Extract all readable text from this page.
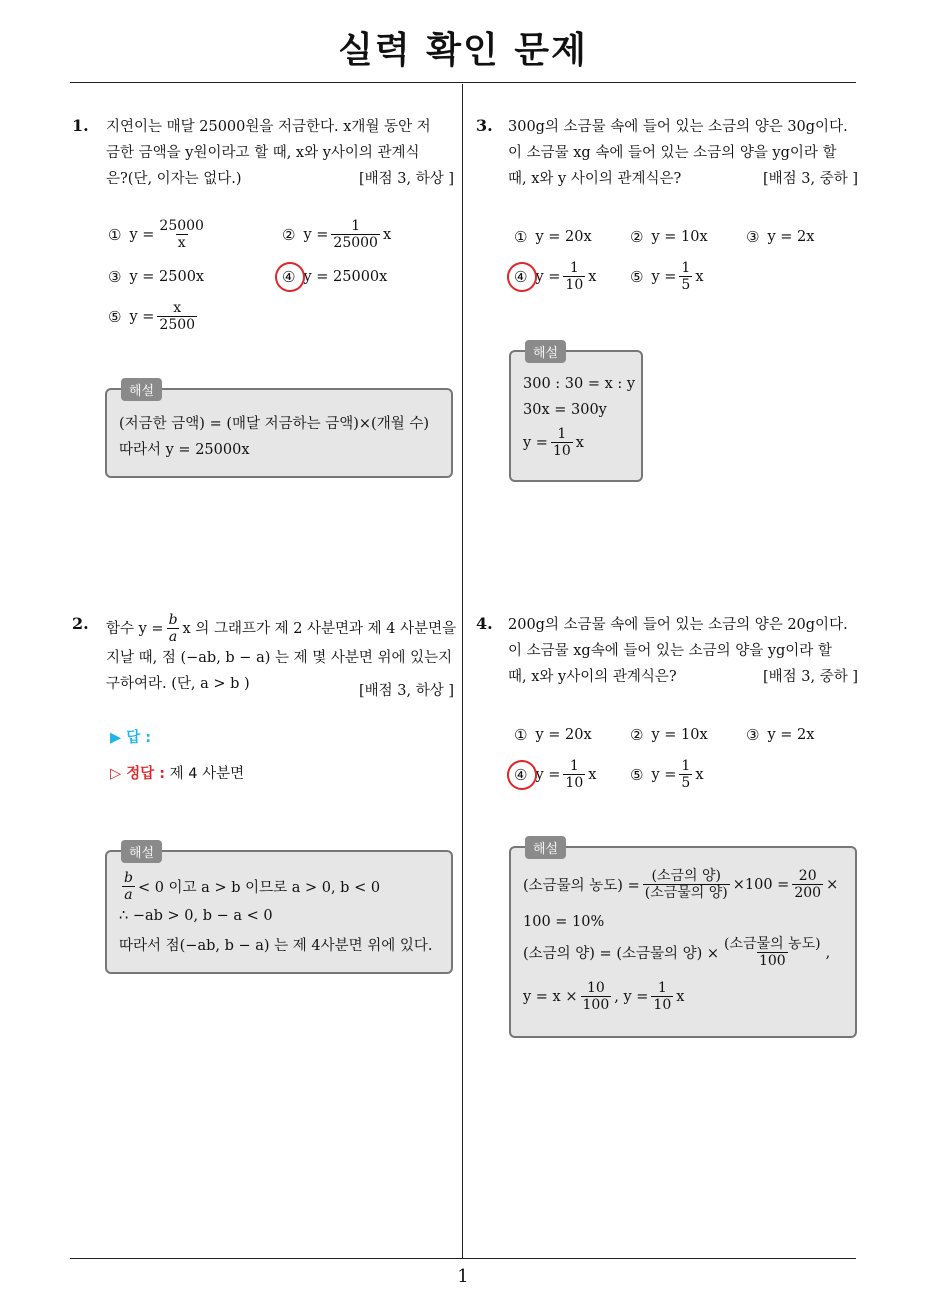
실력 확인 문제
1
1. 지연이는 매달 25000원을 저금한다. x개월 동안 저

금한 금액을 y원이라고 할 때, x와 y사이의 관계식

은?(단, 이자는 없다.)	[배점 3, 하상 ]
① $y = \frac{25000}{x}$	② $y = \frac{1}{25000}$ x
③ y = 2500x	④ y = 25000x
⑤ $y = \frac{x}{2500}$
해설
(저금한 금액) = (매달 저금하는 금액)×(개월 수)
따라서 y = 25000x
2. 함수 $y = \frac{b}{a}$ x 의 그래프가 제 2 사분면과 제 4 사분면을

지날 때, 점 (−ab, b − a) 는 제 몇 사분면 위에 있는지

구하여라. (단, a > b )	[배점 3, 하상 ]
▶ 답 :
▷ 정답 : 제 4 사분면
해설
$\frac{b}{a} < 0$ 이고 a > b 이므로 a > 0, b < 0
∴ −ab > 0, b − a < 0
따라서 점(−ab, b − a) 는 제 4사분면 위에 있다.
3. 300g의 소금물 속에 들어 있는 소금의 양은 30g이다.

이 소금물 xg 속에 들어 있는 소금의 양을 yg이라 할

때, x와 y 사이의 관계식은?	[배점 3, 중하 ]
① y = 20x	② y = 10x	③ y = 2x
④ $y = \frac{1}{10}$ x ⑤ $y = \frac{1}{5}$ x
해설
300 : 30 = x : y
30x = 300y
$y = \frac{1}{10}$ x
4. 200g의 소금물 속에 들어 있는 소금의 양은 20g이다.

이 소금물 xg속에 들어 있는 소금의 양을 yg이라 할

때, x와 y사이의 관계식은?	[배점 3, 중하 ]
① y = 20x	② y = 10x	③ y = 2x
④ $y = \frac{1}{10}$ x ⑤ $y = \frac{1}{5}$ x
해설
(소금물의 농도) = $\frac{\text{(소금의 양)}}{\text{(소금물의 양)}} \times 100 = \frac{20}{200}$ ×
100 = 10%
(소금의 양) = (소금물의 양) × $\frac{\text{(소금물의 농도)}}{100}$ ,
$y = x \times \frac{10}{100}$ , $y = \frac{1}{10}$ x
